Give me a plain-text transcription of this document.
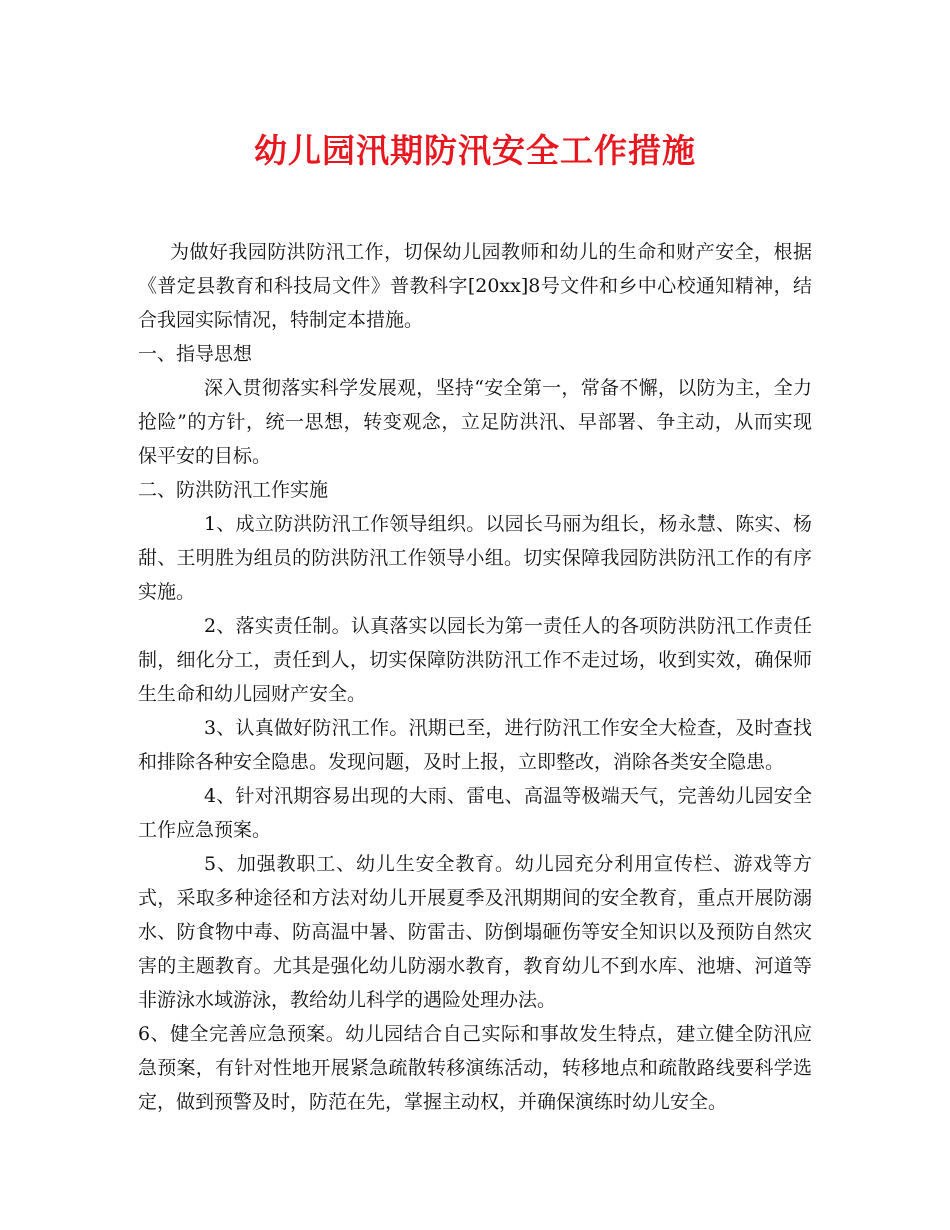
幼儿园汛期防汛安全工作措施

为做好我园防洪防汛工作，切保幼儿园教师和幼儿的生命和财产安全，根据《普定县教育和科技局文件》普教科字[20xx]8号文件和乡中心校通知精神，结合我园实际情况，特制定本措施。

一、指导思想

深入贯彻落实科学发展观，坚持“安全第一，常备不懈，以防为主，全力抢险”的方针，统一思想，转变观念，立足防洪汛、早部署、争主动，从而实现保平安的目标。

二、防洪防汛工作实施

1、成立防洪防汛工作领导组织。以园长马丽为组长，杨永慧、陈实、杨甜、王明胜为组员的防洪防汛工作领导小组。切实保障我园防洪防汛工作的有序实施。

2、落实责任制。认真落实以园长为第一责任人的各项防洪防汛工作责任制，细化分工，责任到人，切实保障防洪防汛工作不走过场，收到实效，确保师生生命和幼儿园财产安全。

3、认真做好防汛工作。汛期已至，进行防汛工作安全大检查，及时查找和排除各种安全隐患。发现问题，及时上报，立即整改，消除各类安全隐患。

4、针对汛期容易出现的大雨、雷电、高温等极端天气，完善幼儿园安全工作应急预案。

5、加强教职工、幼儿生安全教育。幼儿园充分利用宣传栏、游戏等方式，采取多种途径和方法对幼儿开展夏季及汛期期间的安全教育，重点开展防溺水、防食物中毒、防高温中暑、防雷击、防倒塌砸伤等安全知识以及预防自然灾害的主题教育。尤其是强化幼儿防溺水教育，教育幼儿不到水库、池塘、河道等非游泳水域游泳，教给幼儿科学的遇险处理办法。

6、健全完善应急预案。幼儿园结合自己实际和事故发生特点，建立健全防汛应急预案，有针对性地开展紧急疏散转移演练活动，转移地点和疏散路线要科学选定，做到预警及时，防范在先，掌握主动权，并确保演练时幼儿安全。
